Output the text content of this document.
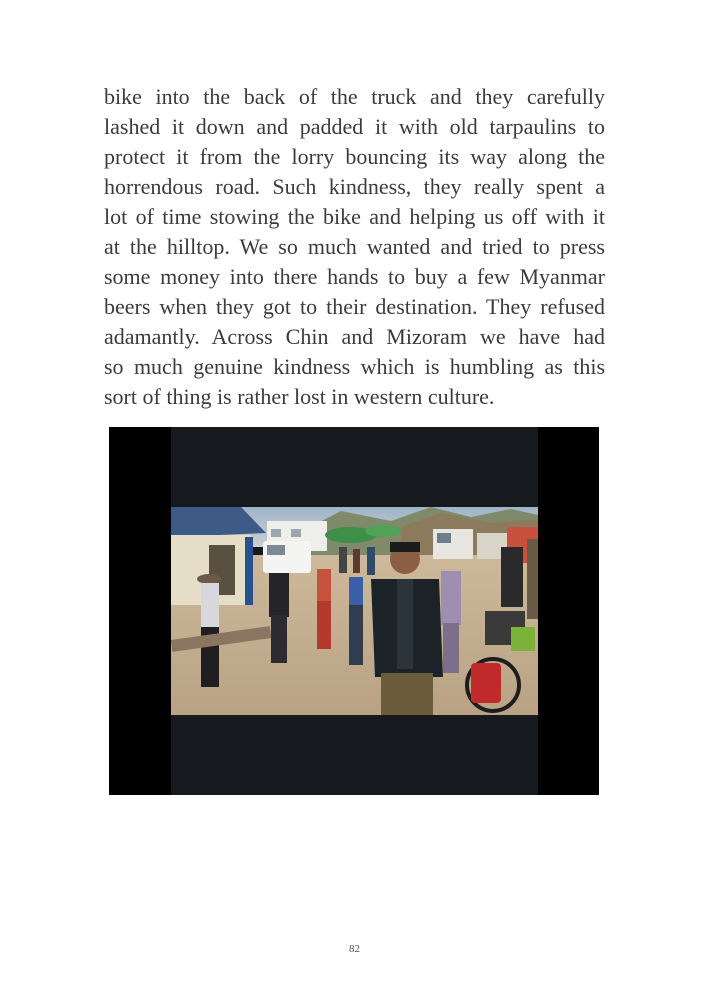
bike into the back of the truck and they carefully
lashed it down and padded it with old tarpaulins to
protect it from the lorry bouncing its way along the
horrendous road. Such kindness, they really spent a
lot of time stowing the bike and helping us off with it
at the hilltop. We so much wanted and tried to press
some money into there hands to buy a few Myanmar
beers when they got to their destination. They refused
adamantly. Across Chin and Mizoram we have had
so much genuine kindness which is humbling as this
sort of thing is rather lost in western culture.
82
